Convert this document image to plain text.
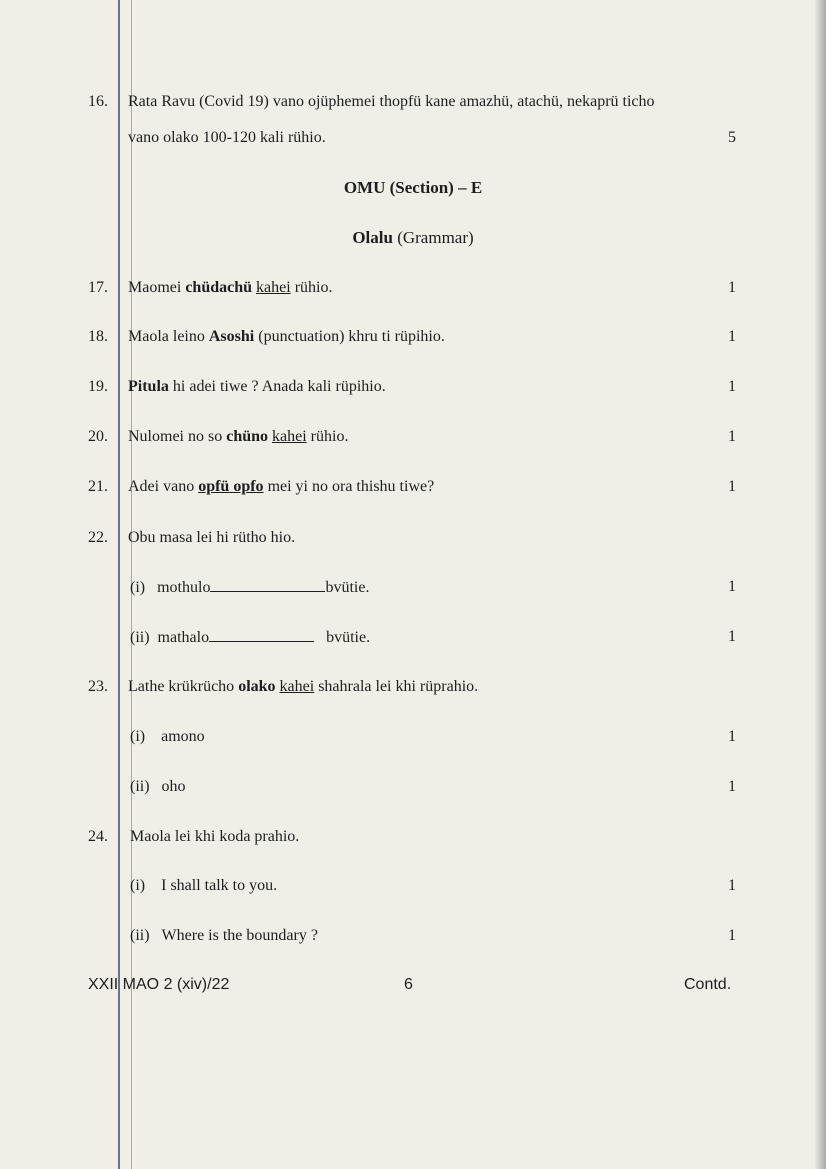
16. Rata Ravu (Covid 19) vano ojüphemei thopfü kane amazhü, atachü, nekaprü ticho
vano olako 100-120 kali rühio.	5
OMU (Section) – E
Olalu (Grammar)
17. Maomei chüdachü kahei rühio.	1
18. Maola leino Asoshi (punctuation) khru ti rüpihio.	1
19. Pitula hi adei tiwe ? Anada kali rüpihio.	1
20. Nulomei no so chüno kahei rühio.	1
21. Adei vano opfü opfo mei yi no ora thishu tiwe?	1
22. Obu masa lei hi rütho hio.
(i) mothulo	bvütie.	1
(ii) mathalo	bvütie.	1
23. Lathe krükrücho olako kahei shahrala lei khi rüprahio.
(i) amono	1
(ii) oho	1
24. Maola lei khi koda prahio.
(i) I shall talk to you.	1
(ii) Where is the boundary ?	1
XXII MAO 2 (xiv)/22	6	Contd.
